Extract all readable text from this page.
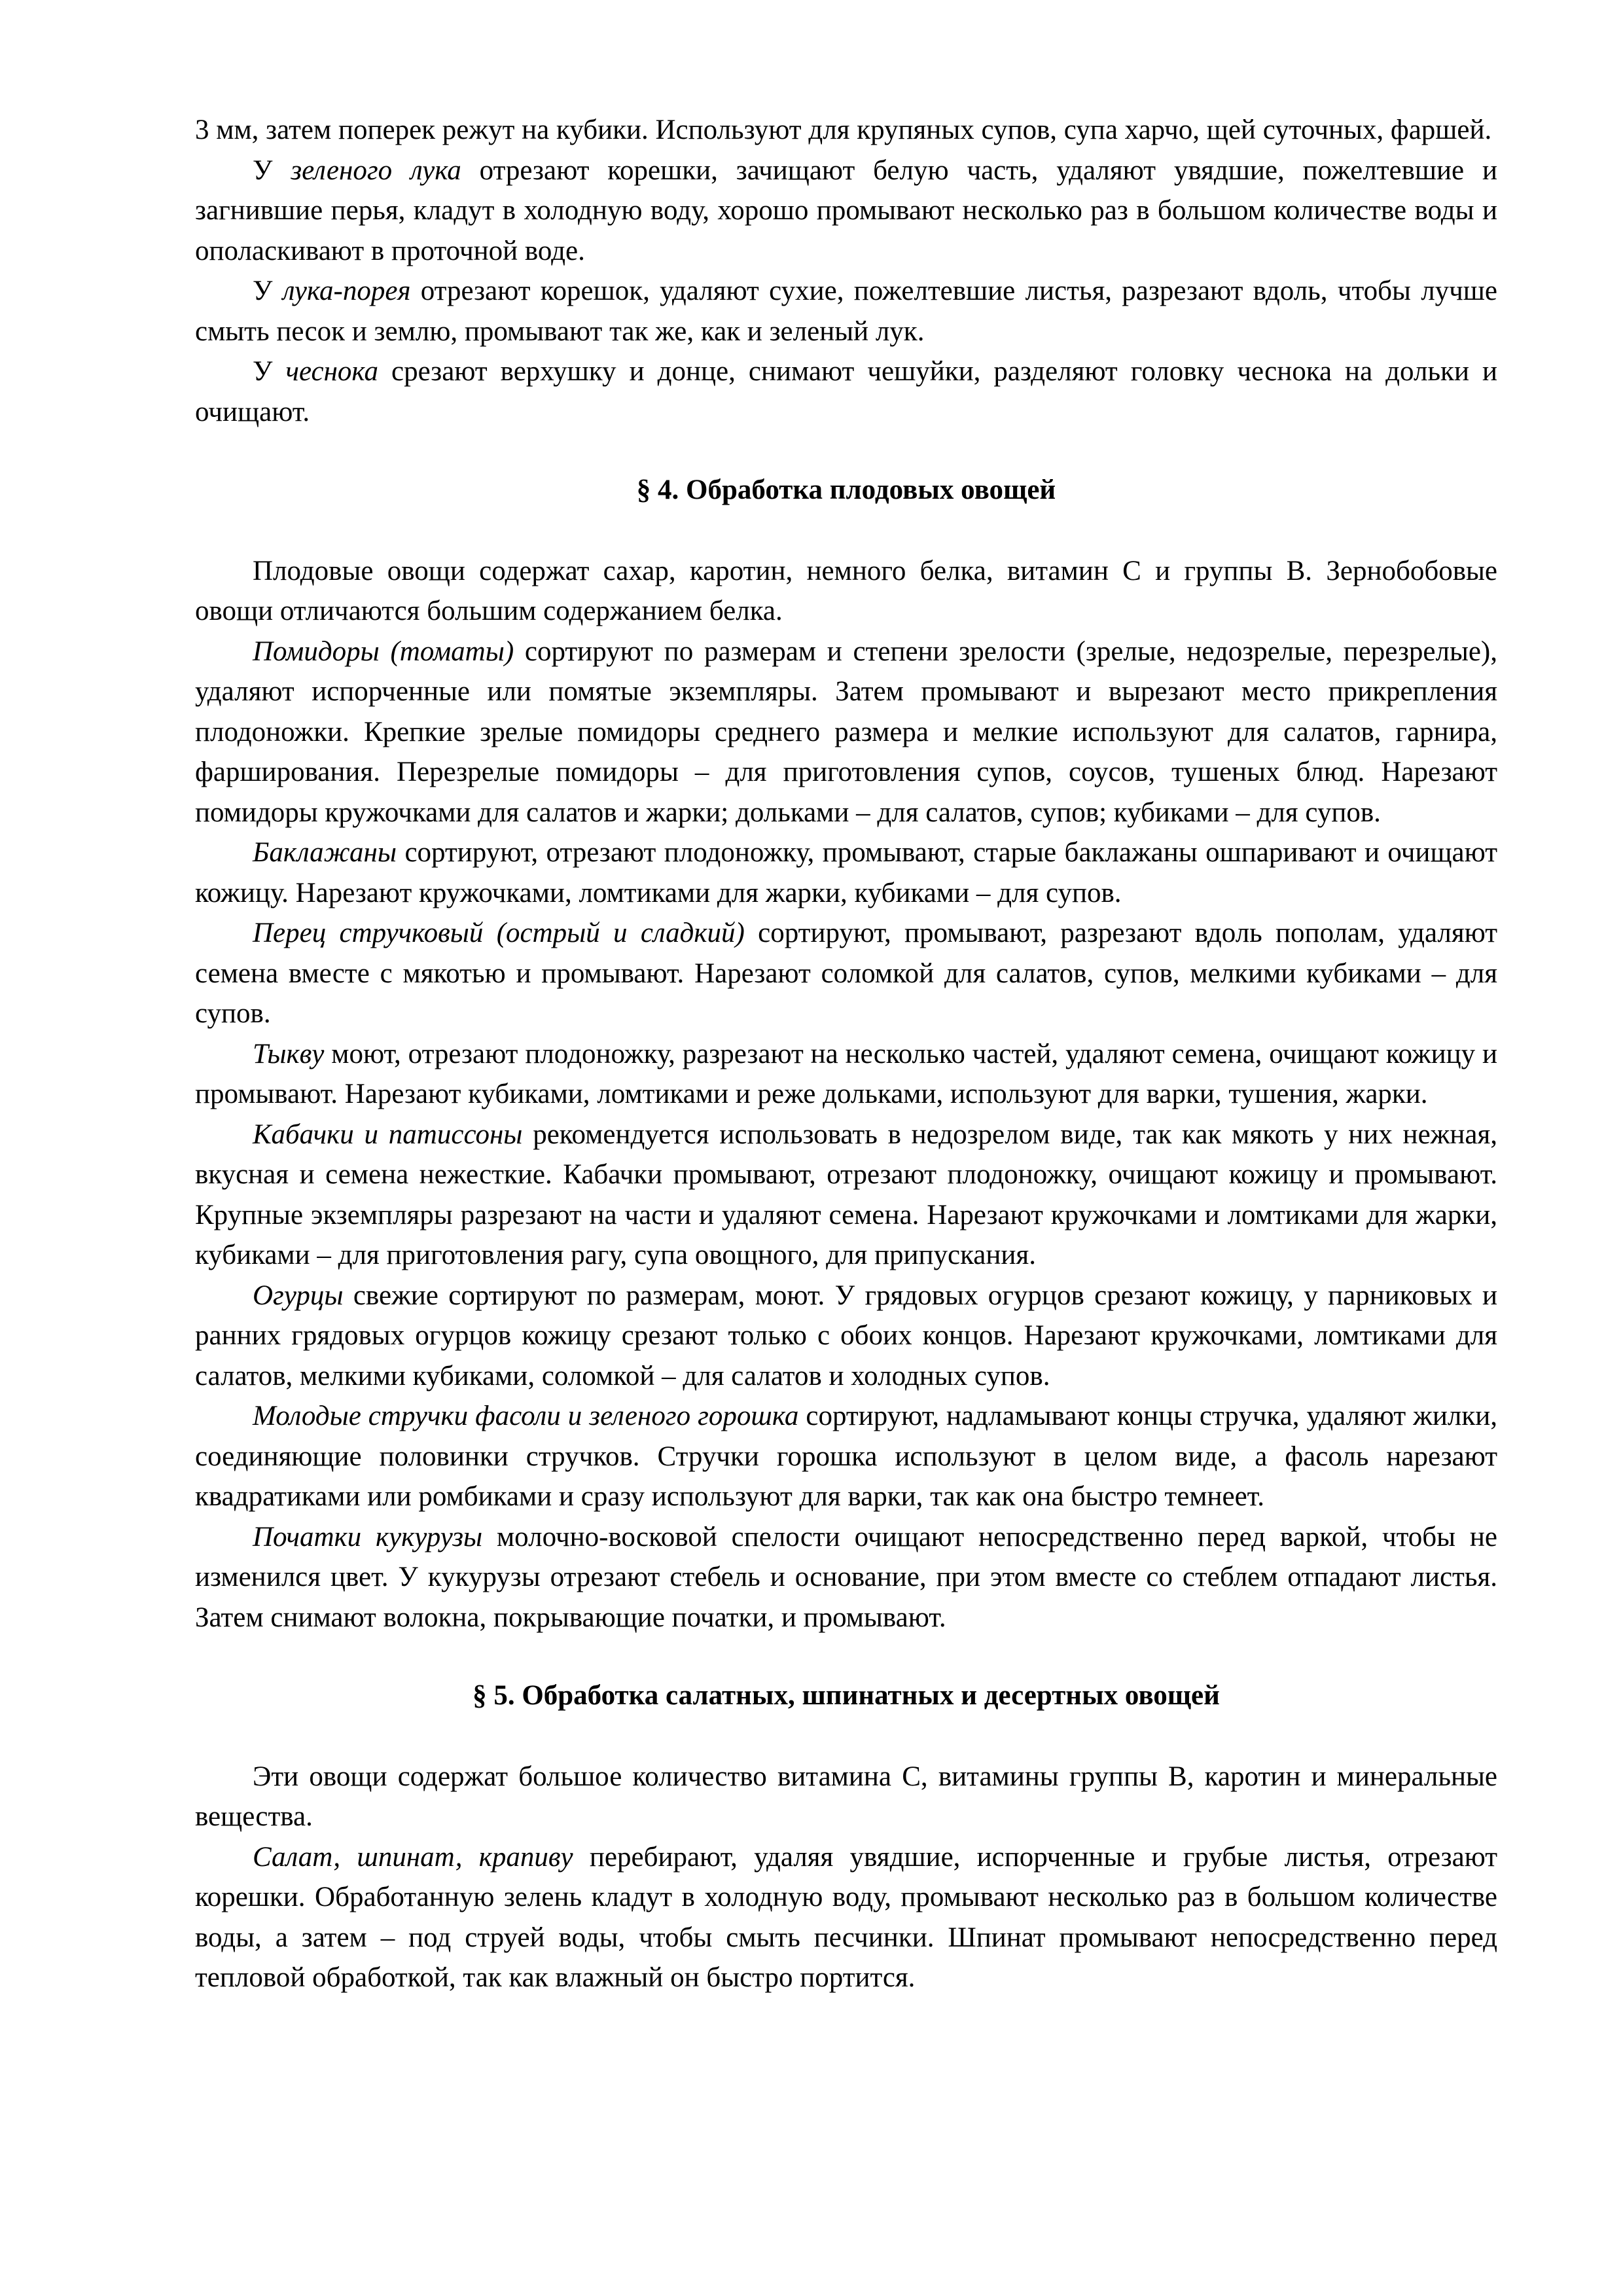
3 мм, затем поперек режут на кубики. Используют для крупяных супов, супа харчо, щей суточных, фаршей.

У зеленого лука отрезают корешки, зачищают белую часть, удаляют увядшие, пожелтевшие и загнившие перья, кладут в холодную воду, хорошо промывают несколько раз в большом количестве воды и ополаскивают в проточной воде.

У лука-порея отрезают корешок, удаляют сухие, пожелтевшие листья, разрезают вдоль, чтобы лучше смыть песок и землю, промывают так же, как и зеленый лук.

У чеснока срезают верхушку и донце, снимают чешуйки, разделяют головку чеснока на дольки и очищают.

§ 4. Обработка плодовых овощей

Плодовые овощи содержат сахар, каротин, немного белка, витамин С и группы В. Зернобобовые овощи отличаются большим содержанием белка.

Помидоры (томаты) сортируют по размерам и степени зрелости (зрелые, недозрелые, перезрелые), удаляют испорченные или помятые экземпляры. Затем промывают и вырезают место прикрепления плодоножки. Крепкие зрелые помидоры среднего размера и мелкие используют для салатов, гарнира, фарширования. Перезрелые помидоры – для приготовления супов, соусов, тушеных блюд. Нарезают помидоры кружочками для салатов и жарки; дольками – для салатов, супов; кубиками – для супов.

Баклажаны сортируют, отрезают плодоножку, промывают, старые баклажаны ошпаривают и очищают кожицу. Нарезают кружочками, ломтиками для жарки, кубиками – для супов.

Перец стручковый (острый и сладкий) сортируют, промывают, разрезают вдоль пополам, удаляют семена вместе с мякотью и промывают. Нарезают соломкой для салатов, супов, мелкими кубиками – для супов.

Тыкву моют, отрезают плодоножку, разрезают на несколько частей, удаляют семена, очищают кожицу и промывают. Нарезают кубиками, ломтиками и реже дольками, используют для варки, тушения, жарки.

Кабачки и патиссоны рекомендуется использовать в недозрелом виде, так как мякоть у них нежная, вкусная и семена нежесткие. Кабачки промывают, отрезают плодоножку, очищают кожицу и промывают. Крупные экземпляры разрезают на части и удаляют семена. Нарезают кружочками и ломтиками для жарки, кубиками – для приготовления рагу, супа овощного, для припускания.

Огурцы свежие сортируют по размерам, моют. У грядовых огурцов срезают кожицу, у парниковых и ранних грядовых огурцов кожицу срезают только с обоих концов. Нарезают кружочками, ломтиками для салатов, мелкими кубиками, соломкой – для салатов и холодных супов.

Молодые стручки фасоли и зеленого горошка сортируют, надламывают концы стручка, удаляют жилки, соединяющие половинки стручков. Стручки горошка используют в целом виде, а фасоль нарезают квадратиками или ромбиками и сразу используют для варки, так как она быстро темнеет.

Початки кукурузы молочно-восковой спелости очищают непосредственно перед варкой, чтобы не изменился цвет. У кукурузы отрезают стебель и основание, при этом вместе со стеблем отпадают листья. Затем снимают волокна, покрывающие початки, и промывают.

§ 5. Обработка салатных, шпинатных и десертных овощей

Эти овощи содержат большое количество витамина С, витамины группы В, каротин и минеральные вещества.

Салат, шпинат, крапиву перебирают, удаляя увядшие, испорченные и грубые листья, отрезают корешки. Обработанную зелень кладут в холодную воду, промывают несколько раз в большом количестве воды, а затем – под струей воды, чтобы смыть песчинки. Шпинат промывают непосредственно перед тепловой обработкой, так как влажный он быстро портится.
